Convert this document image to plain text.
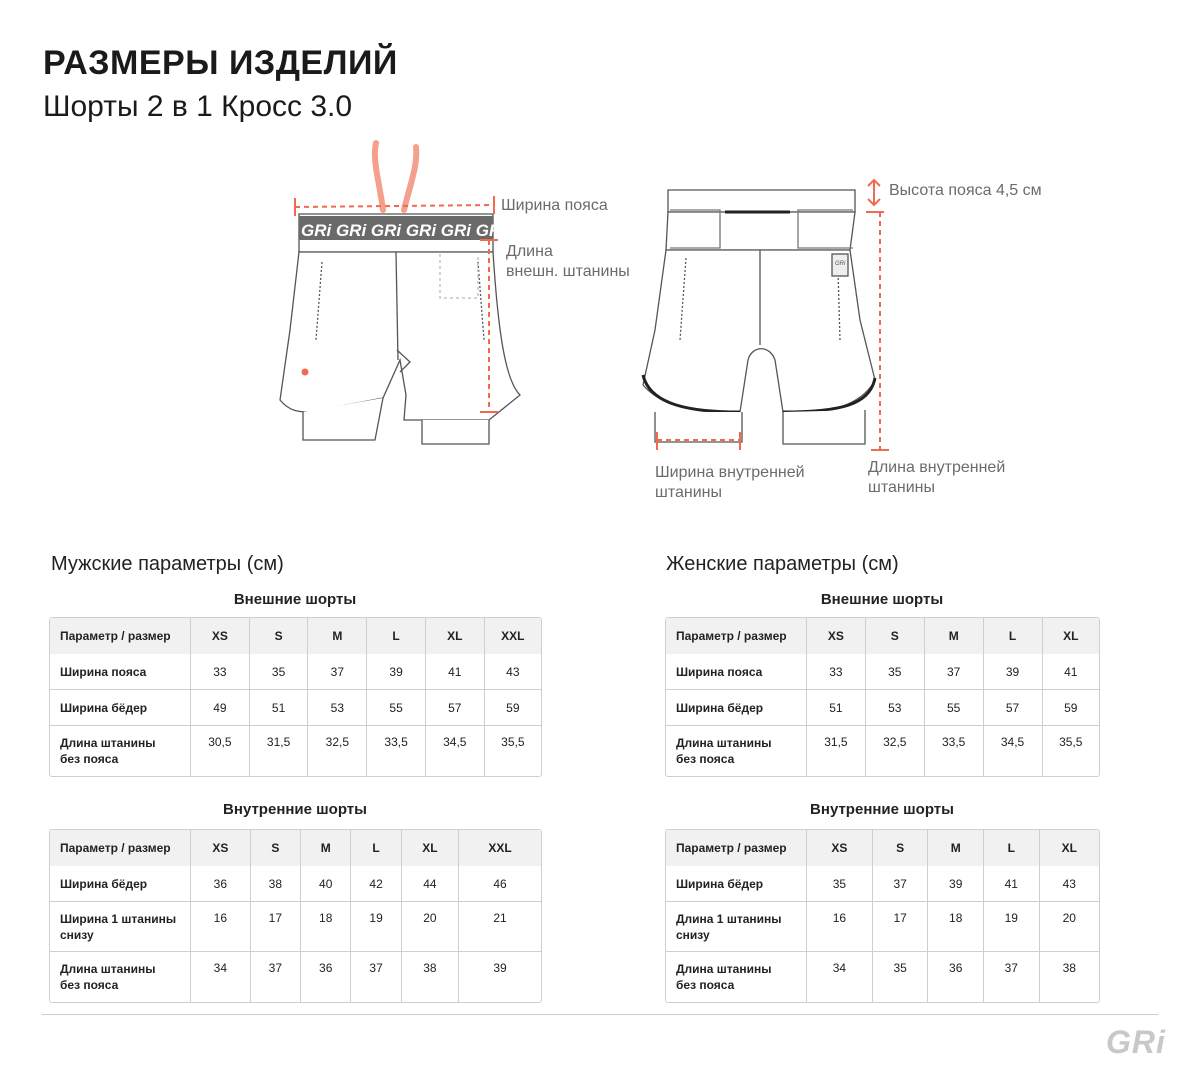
РАЗМЕРЫ ИЗДЕЛИЙ
Шорты 2 в 1 Кросс 3.0
GRi GRi GRi GRi GRi GRi
GRi
Ширина пояса
Длина
внешн. штанины
Высота пояса 4,5 см
Ширина внутренней
штанины
Длина внутренней
штанины
Мужские параметры (см)
Внешние шорты
Параметр / размер	XS	S	M	L	XL	XXL
Ширина пояса	33	35	37	39	41	43
Ширина бёдер	49	51	53	55	57	59

Длина штанины
без пояса	30,5	31,5	32,5	33,5	34,5	35,5
Внутренние шорты
Параметр / размер	XS	S	M	L	XL	XXL
Ширина бёдер	36	38	40	42	44	46

Ширина 1 штанины
снизу	16	17	18	19	20	21

Длина штанины
без пояса	34	37	36	37	38	39
Женские параметры (см)
Внешние шорты
Параметр / размер	XS	S	M	L	XL
Ширина пояса	33	35	37	39	41
Ширина бёдер	51	53	55	57	59

Длина штанины
без пояса	31,5	32,5	33,5	34,5	35,5
Внутренние шорты
Параметр / размер	XS	S	M	L	XL
Ширина бёдер	35	37	39	41	43

Длина 1 штанины
снизу	16	17	18	19	20

Длина штанины
без пояса	34	35	36	37	38
GRi
